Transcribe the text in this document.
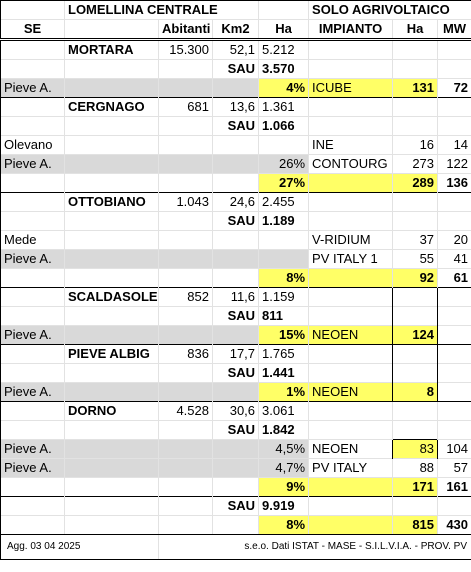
	LOMELLINA CENTRALE				SOLO AGRIVOLTAICO		
SE		Abitanti	Km2	Ha	IMPIANTO	Ha	MW
	MORTARA	15.300	52,1	5.212			
			SAU	3.570			
Pieve A.				4%	ICUBE	131	72
	CERGNAGO	681	13,6	1.361			
			SAU	1.066			
Olevano					INE	16	14
Pieve A.				26%	CONTOURG	273	122
				27%		289	136
	OTTOBIANO	1.043	24,6	2.455			
			SAU	1.189			
Mede					V-RIDIUM	37	20
Pieve A.					PV ITALY 1	55	41
				8%		92	61
	SCALDASOLE	852	11,6	1.159			
			SAU	811			
Pieve A.				15%	NEOEN	124	
	PIEVE ALBIG	836	17,7	1.765			
			SAU	1.441			
Pieve A.				1%	NEOEN	8	
	DORNO	4.528	30,6	3.061			
			SAU	1.842			
Pieve A.				4,5%	NEOEN	83	104
Pieve A.				4,7%	PV ITALY	88	57
				9%		171	161
			SAU	9.919			
				8%		815	430
Agg. 03 04 2025		s.e.o. Dati ISTAT - MASE - S.I.L.V.I.A. - PROV. PV					
